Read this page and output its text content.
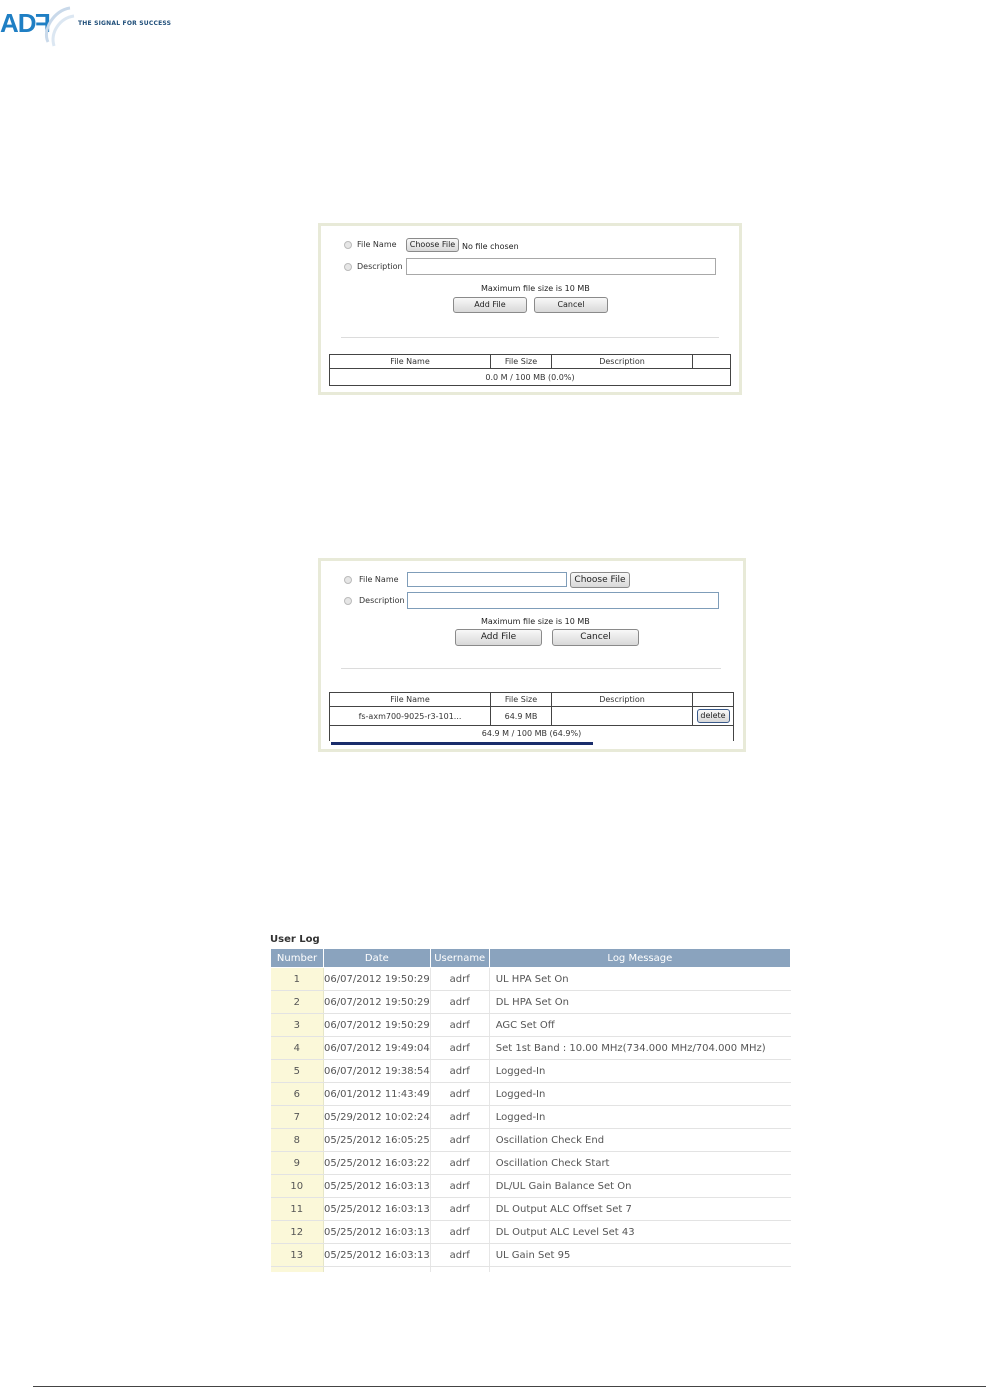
ADF	THE SIGNAL FOR SUCCESS
File Name	Choose File No file chosen
Description
Maximum file size is 10 MB
Add File	Cancel
File Name	File Size	Description	
0.0 M / 100 MB (0.0%)
File Name	Choose File
Description
Maximum file size is 10 MB
Add File	Cancel
File Name	File Size	Description	
fs-axm700-9025-r3-101...	64.9 MB		delete
64.9 M / 100 MB (64.9%)			
User Log
Number	Date	Username	Log Message
1	06/07/2012 19:50:29	adrf	UL HPA Set On
2	06/07/2012 19:50:29	adrf	DL HPA Set On
3	06/07/2012 19:50:29	adrf	AGC Set Off
4	06/07/2012 19:49:04	adrf	Set 1st Band : 10.00 MHz(734.000 MHz/704.000 MHz)
5	06/07/2012 19:38:54	adrf	Logged-In
6	06/01/2012 11:43:49	adrf	Logged-In
7	05/29/2012 10:02:24	adrf	Logged-In
8	05/25/2012 16:05:25	adrf	Oscillation Check End
9	05/25/2012 16:03:22	adrf	Oscillation Check Start
10	05/25/2012 16:03:13	adrf	DL/UL Gain Balance Set On
11	05/25/2012 16:03:13	adrf	DL Output ALC Offset Set 7
12	05/25/2012 16:03:13	adrf	DL Output ALC Level Set 43
13	05/25/2012 16:03:13	adrf	UL Gain Set 95
